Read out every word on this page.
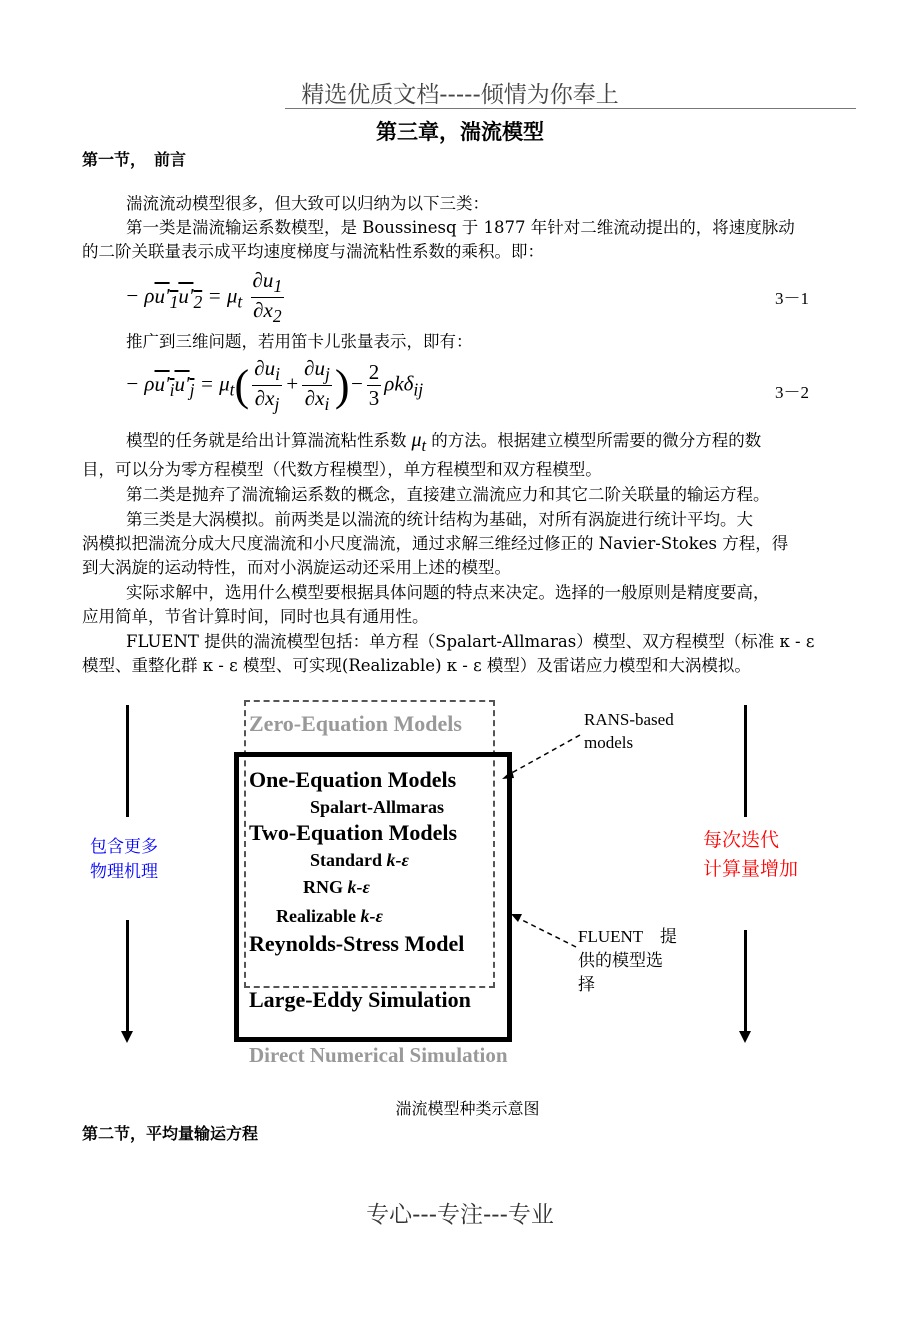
精选优质文档-----倾情为你奉上
第三章，湍流模型
第一节，　前言
湍流流动模型很多，但大致可以归纳为以下三类：
第一类是湍流输运系数模型，是 Boussinesq 于 1877 年针对二维流动提出的，将速度脉动
的二阶关联量表示成平均速度梯度与湍流粘性系数的乘积。即：
− $\rho u'_1u'_2 = \mu_t \frac{\partial u_1}{\partial x_2}$	3－1
推广到三维问题，若用笛卡儿张量表示，即有：
− $\rho u'_iu'_j = \mu_t( \frac{\partial u_i}{\partial x_j} + \frac{\partial u_j}{\partial x_i}$ )− $\frac{2}{3} \rho k\delta_{ij}$	3－2
模型的任务就是给出计算湍流粘性系数 $\mu_t$ 的方法。根据建立模型所需要的微分方程的数
目，可以分为零方程模型（代数方程模型），单方程模型和双方程模型。
第二类是抛弃了湍流输运系数的概念，直接建立湍流应力和其它二阶关联量的输运方程。
第三类是大涡模拟。前两类是以湍流的统计结构为基础，对所有涡旋进行统计平均。大
涡模拟把湍流分成大尺度湍流和小尺度湍流，通过求解三维经过修正的 Navier-Stokes 方程，得
到大涡旋的运动特性，而对小涡旋运动还采用上述的模型。
实际求解中，选用什么模型要根据具体问题的特点来决定。选择的一般原则是精度要高，
应用简单，节省计算时间，同时也具有通用性。
FLUENT 提供的湍流模型包括：单方程（Spalart-Allmaras）模型、双方程模型（标准 κ - ε
模型、重整化群 κ - ε 模型、可实现(Realizable) κ - ε 模型）及雷诺应力模型和大涡模拟。
包含更多
物理机理
每次迭代
计算量增加
Zero-Equation Models
One-Equation Models
Spalart-Allmaras
Two-Equation Models
Standard k-ε
RNG k-ε
Realizable k-ε
Reynolds-Stress Model
Large-Eddy Simulation
Direct Numerical Simulation
RANS-based
models
FLUENT　提
供的模型选
择
湍流模型种类示意图
第二节，平均量输运方程
专心---专注---专业
